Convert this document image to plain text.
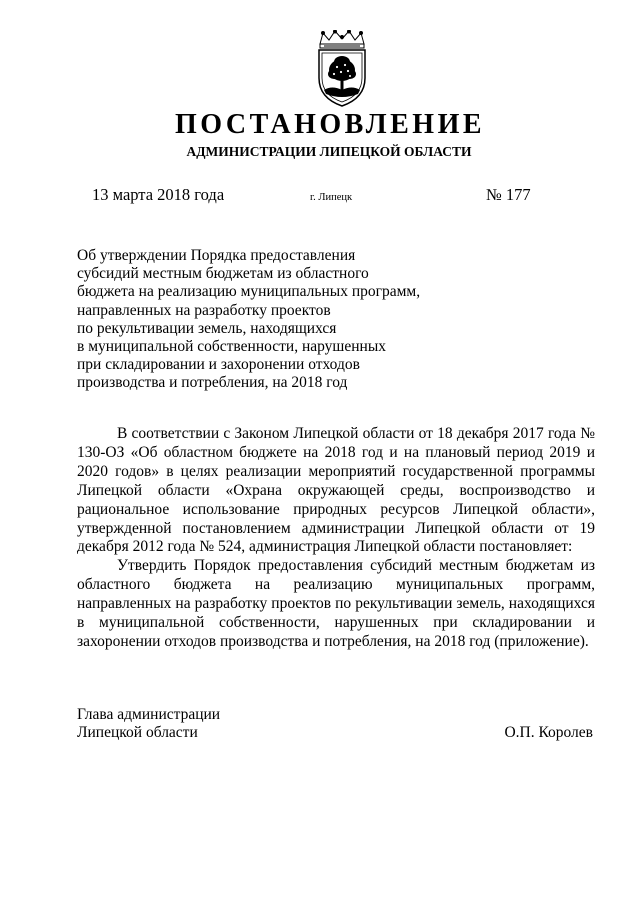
ПОСТАНОВЛЕНИЕ
АДМИНИСТРАЦИИ ЛИПЕЦКОЙ ОБЛАСТИ
13 марта 2018 года	г. Липецк	№ 177
Об утверждении Порядка предоставления
субсидий местным бюджетам из областного
бюджета на реализацию муниципальных программ,
направленных на разработку проектов
по рекультивации земель, находящихся
в муниципальной собственности, нарушенных
при складировании и захоронении отходов
производства и потребления, на 2018 год

В соответствии с Законом Липецкой области от 18 декабря 2017 года № 130-ОЗ «Об областном бюджете на 2018 год и на плановый период 2019 и 2020 годов» в целях реализации мероприятий государственной программы Липецкой области «Охрана окружающей среды, воспроизводство и рациональное использование природных ресурсов Липецкой области», утвержденной постановлением администрации Липецкой области от 19 декабря 2012 года № 524, администрация Липецкой области постановляет:

Утвердить Порядок предоставления субсидий местным бюджетам из областного бюджета на реализацию муниципальных программ, направленных на разработку проектов по рекультивации земель, находящихся в муниципальной собственности, нарушенных при складировании и захоронении отходов производства и потребления, на 2018 год (приложение).

Глава администрации
Липецкой области	О.П. Королев
